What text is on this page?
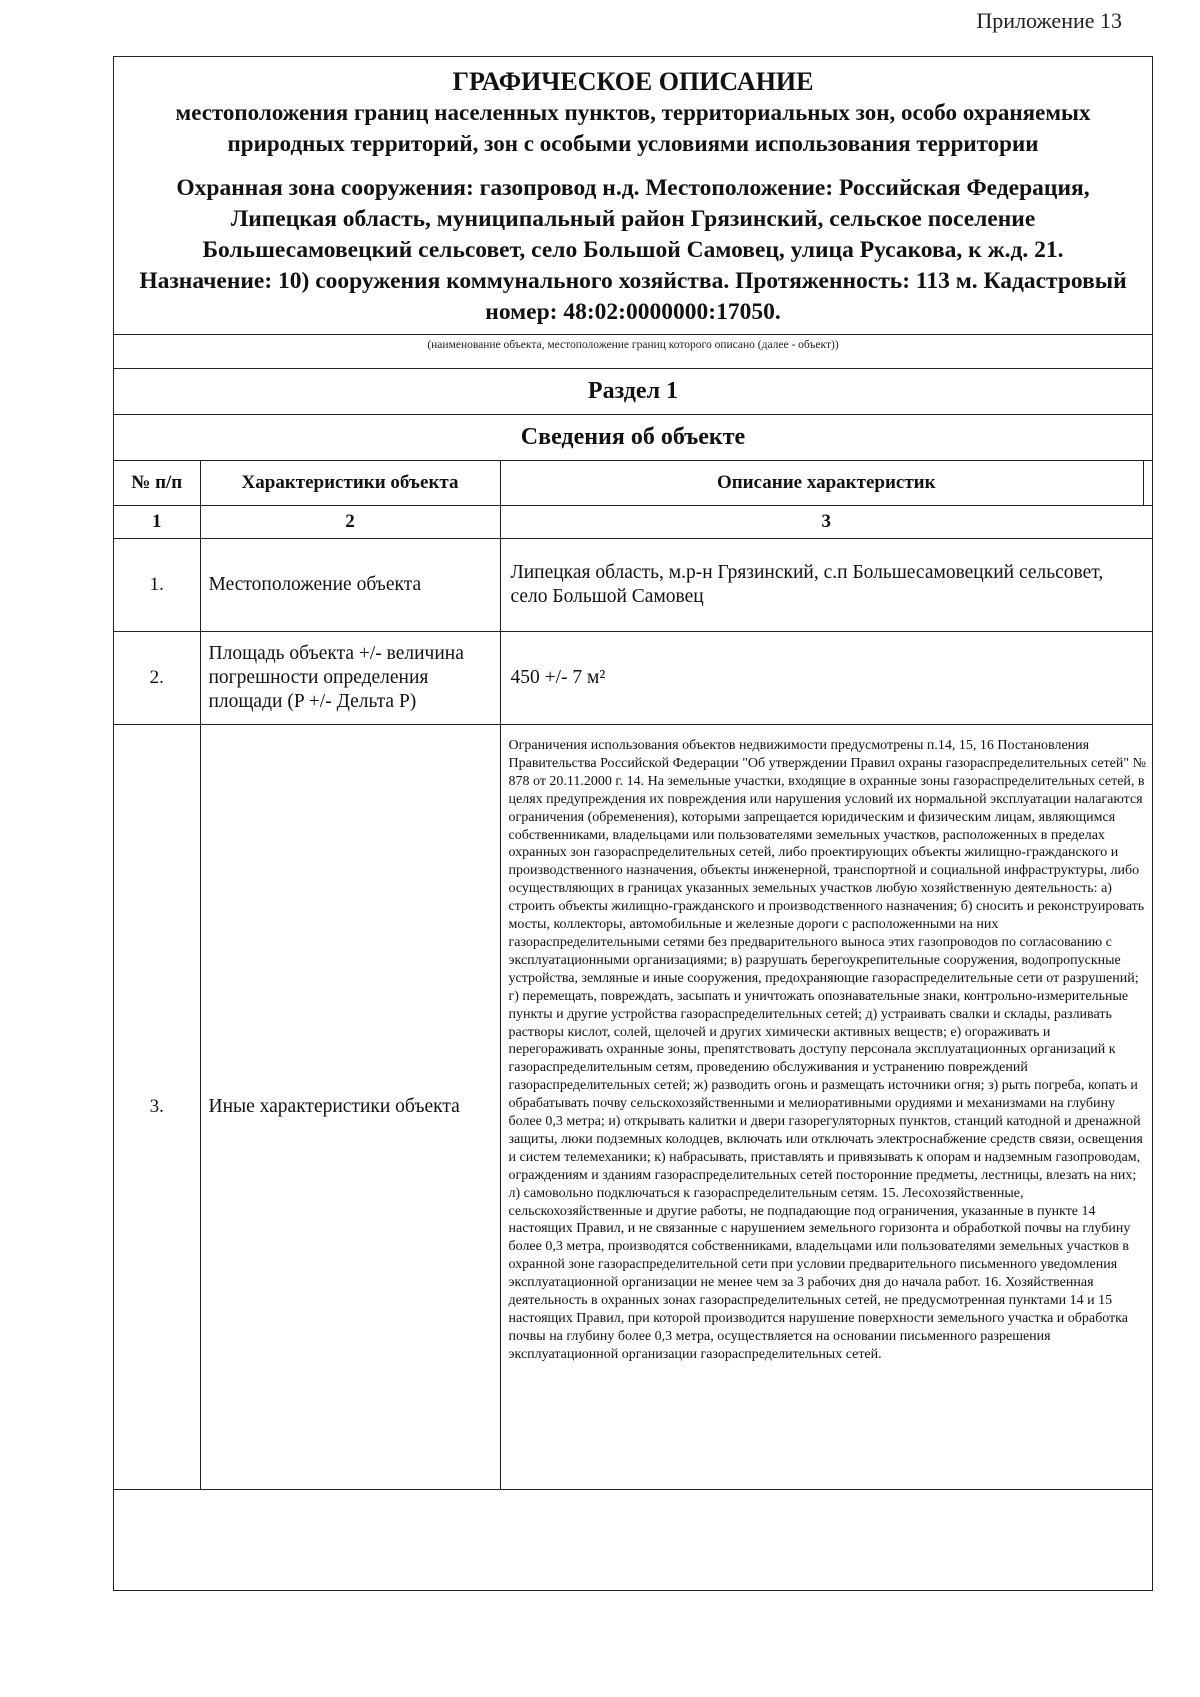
Приложение 13
ГРАФИЧЕСКОЕ ОПИСАНИЕ
местоположения границ населенных пунктов, территориальных зон, особо охраняемых природных территорий, зон с особыми условиями использования территории
Охранная зона сооружения: газопровод н.д. Местоположение: Российская Федерация, Липецкая область, муниципальный район Грязинский, сельское поселение Большесамовецкий сельсовет, село Большой Самовец, улица Русакова, к ж.д. 21. Назначение: 10) сооружения коммунального хозяйства. Протяженность: 113 м. Кадастровый номер: 48:02:0000000:17050.
(наименование объекта, местоположение границ которого описано (далее - объект))
Раздел 1
Сведения об объекте
№ п/п	Характеристики объекта	Описание характеристик
1	2	3
1.	Местоположение объекта	Липецкая область, м.р-н Грязинский, с.п Большесамовецкий сельсовет, село Большой Самовец
2.	Площадь объекта +/- величина погрешности определения площади (P +/- Дельта P)	450 +/- 7 м²
3.	Иные характеристики объекта	Ограничения использования объектов недвижимости предусмотрены п.14, 15, 16 Постановления Правительства Российской Федерации "Об утверждении Правил охраны газораспределительных сетей" № 878 от 20.11.2000 г. 14. На земельные участки, входящие в охранные зоны газораспределительных сетей, в целях предупреждения их повреждения или нарушения условий их нормальной эксплуатации налагаются ограничения (обременения), которыми запрещается юридическим и физическим лицам, являющимся собственниками, владельцами или пользователями земельных участков, расположенных в пределах охранных зон газораспределительных сетей, либо проектирующих объекты жилищно-гражданского и производственного назначения, объекты инженерной, транспортной и социальной инфраструктуры, либо осуществляющих в границах указанных земельных участков любую хозяйственную деятельность: а) строить объекты жилищно-гражданского и производственного назначения; б) сносить и реконструировать мосты, коллекторы, автомобильные и железные дороги с расположенными на них газораспределительными сетями без предварительного выноса этих газопроводов по согласованию с эксплуатационными организациями; в) разрушать берегоукрепительные сооружения, водопропускные устройства, земляные и иные сооружения, предохраняющие газораспределительные сети от разрушений; г) перемещать, повреждать, засыпать и уничтожать опознавательные знаки, контрольно-измерительные пункты и другие устройства газораспределительных сетей; д) устраивать свалки и склады, разливать растворы кислот, солей, щелочей и других химически активных веществ; е) огораживать и перегораживать охранные зоны, препятствовать доступу персонала эксплуатационных организаций к газораспределительным сетям, проведению обслуживания и устранению повреждений газораспределительных сетей; ж) разводить огонь и размещать источники огня; з) рыть погреба, копать и обрабатывать почву сельскохозяйственными и мелиоративными орудиями и механизмами на глубину более 0,3 метра; и) открывать калитки и двери газорегуляторных пунктов, станций катодной и дренажной защиты, люки подземных колодцев, включать или отключать электроснабжение средств связи, освещения и систем телемеханики; к) набрасывать, приставлять и привязывать к опорам и надземным газопроводам, ограждениям и зданиям газораспределительных сетей посторонние предметы, лестницы, влезать на них; л) самовольно подключаться к газораспределительным сетям. 15. Лесохозяйственные, сельскохозяйственные и другие работы, не подпадающие под ограничения, указанные в пункте 14 настоящих Правил, и не связанные с нарушением земельного горизонта и обработкой почвы на глубину более 0,3 метра, производятся собственниками, владельцами или пользователями земельных участков в охранной зоне газораспределительной сети при условии предварительного письменного уведомления эксплуатационной организации не менее чем за 3 рабочих дня до начала работ. 16. Хозяйственная деятельность в охранных зонах газораспределительных сетей, не предусмотренная пунктами 14 и 15 настоящих Правил, при которой производится нарушение поверхности земельного участка и обработка почвы на глубину более 0,3 метра, осуществляется на основании письменного разрешения эксплуатационной организации газораспределительных сетей.
